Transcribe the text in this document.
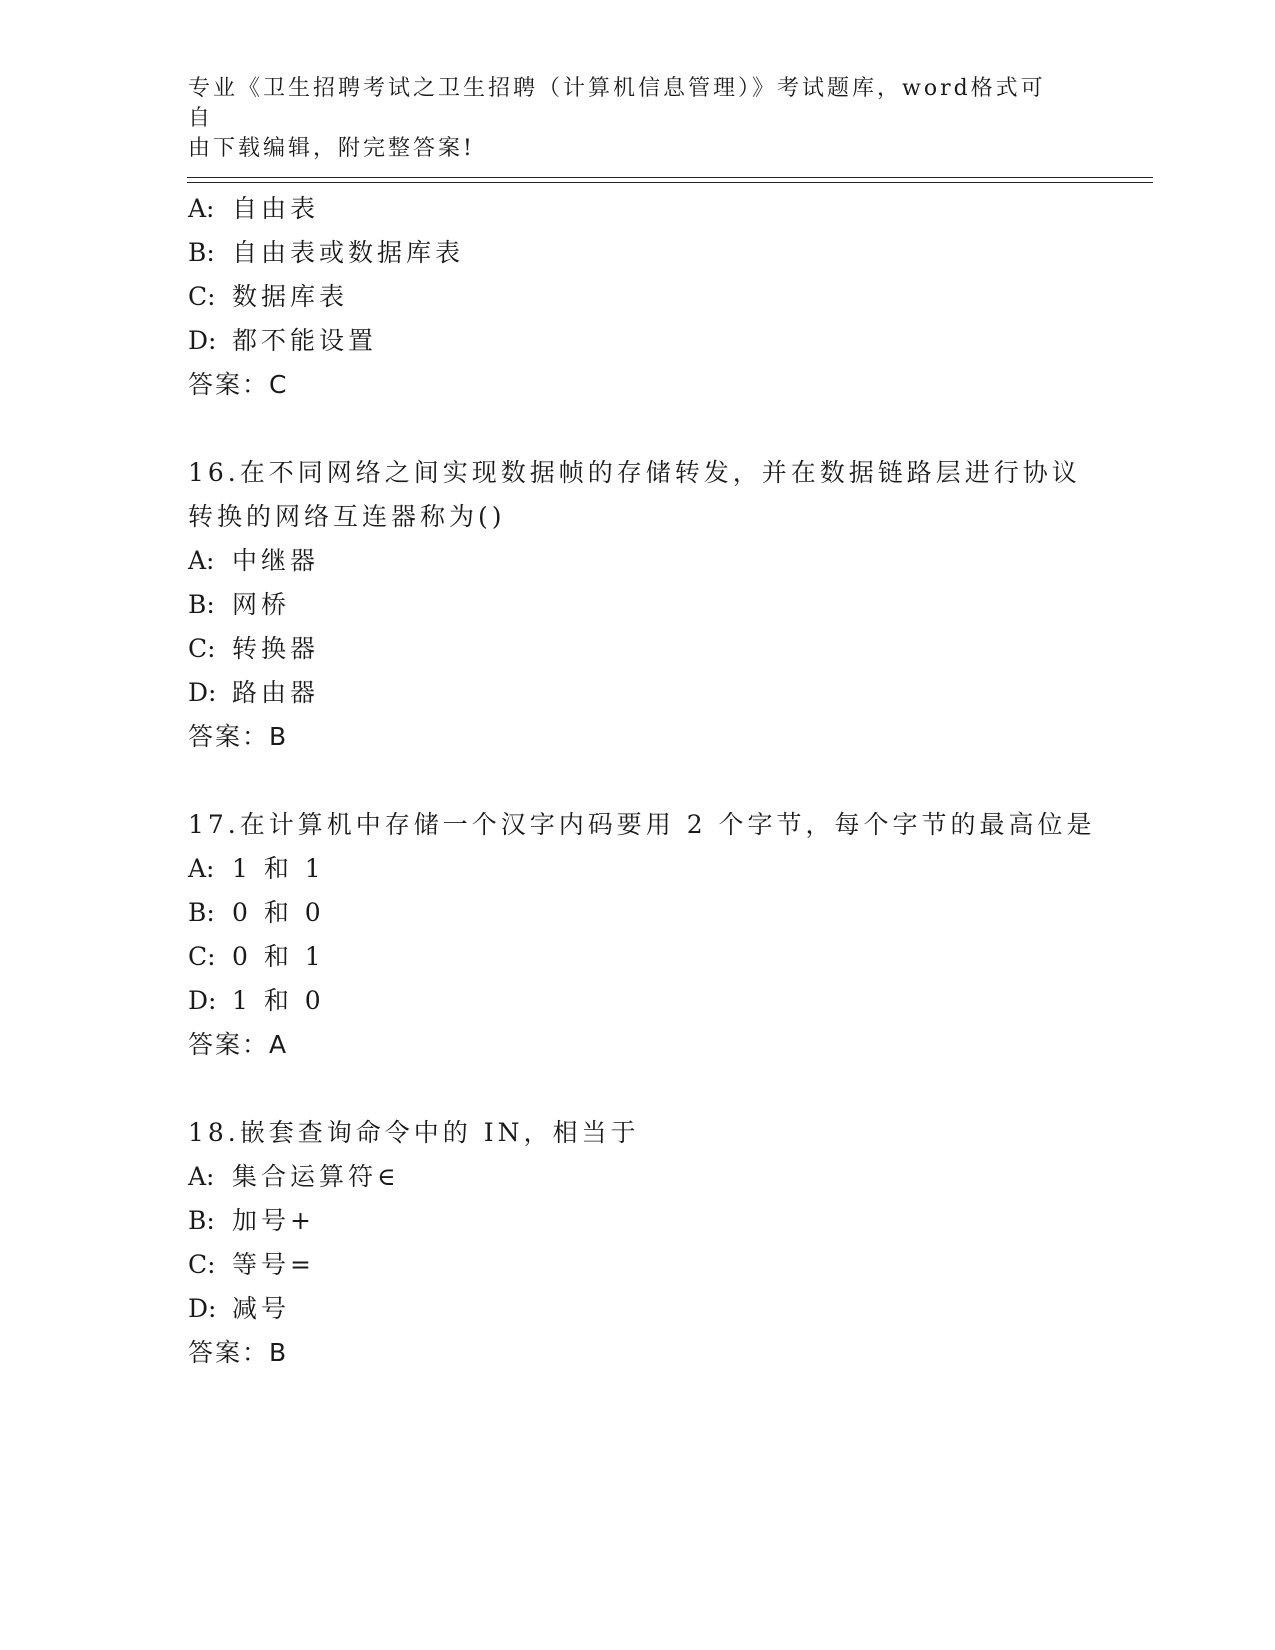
专业《卫生招聘考试之卫生招聘（计算机信息管理）》考试题库，word格式可自
由下载编辑，附完整答案!
A: 自由表
B: 自由表或数据库表
C: 数据库表
D: 都不能设置
答案：C
16.在不同网络之间实现数据帧的存储转发，并在数据链路层进行协议
转换的网络互连器称为()
A: 中继器
B: 网桥
C: 转换器
D: 路由器
答案：B
17.在计算机中存储一个汉字内码要用 2 个字节，每个字节的最高位是
A: 1 和 1
B: 0 和 0
C: 0 和 1
D: 1 和 0
答案：A
18.嵌套查询命令中的 IN，相当于
A: 集合运算符∈
B: 加号+
C: 等号=
D: 减号
答案：B
